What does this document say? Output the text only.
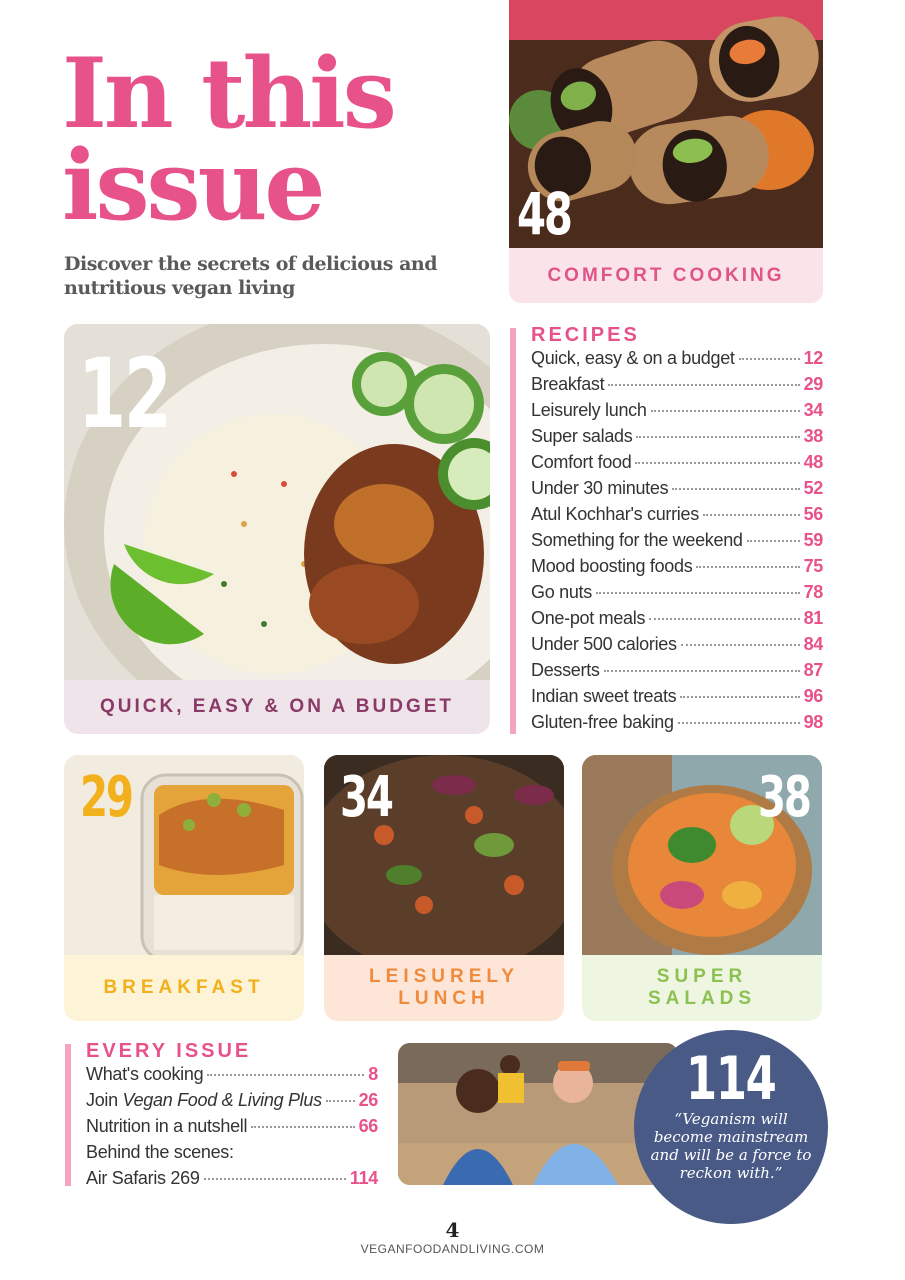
In this
issue
Discover the secrets of delicious and nutritious vegan living
48
COMFORT COOKING
12
QUICK, EASY & ON A BUDGET
RECIPES
Quick, easy & on a budget	12
Breakfast	29
Leisurely lunch	34
Super salads	38
Comfort food	48
Under 30 minutes	52
Atul Kochhar's curries	56
Something for the weekend	59
Mood boosting foods	75
Go nuts	78
One-pot meals	81
Under 500 calories	84
Desserts	87
Indian sweet treats	96
Gluten-free baking	98
29
BREAKFAST
34
LEISURELY
LUNCH
38
SUPER
SALADS
EVERY ISSUE
What's cooking	8
Join Vegan Food & Living Plus 26
Nutrition in a nutshell	66
Behind the scenes:
Air Safaris 269	114
114
“Veganism will become mainstream and will be a force to reckon with.”
4
VEGANFOODANDLIVING.COM
